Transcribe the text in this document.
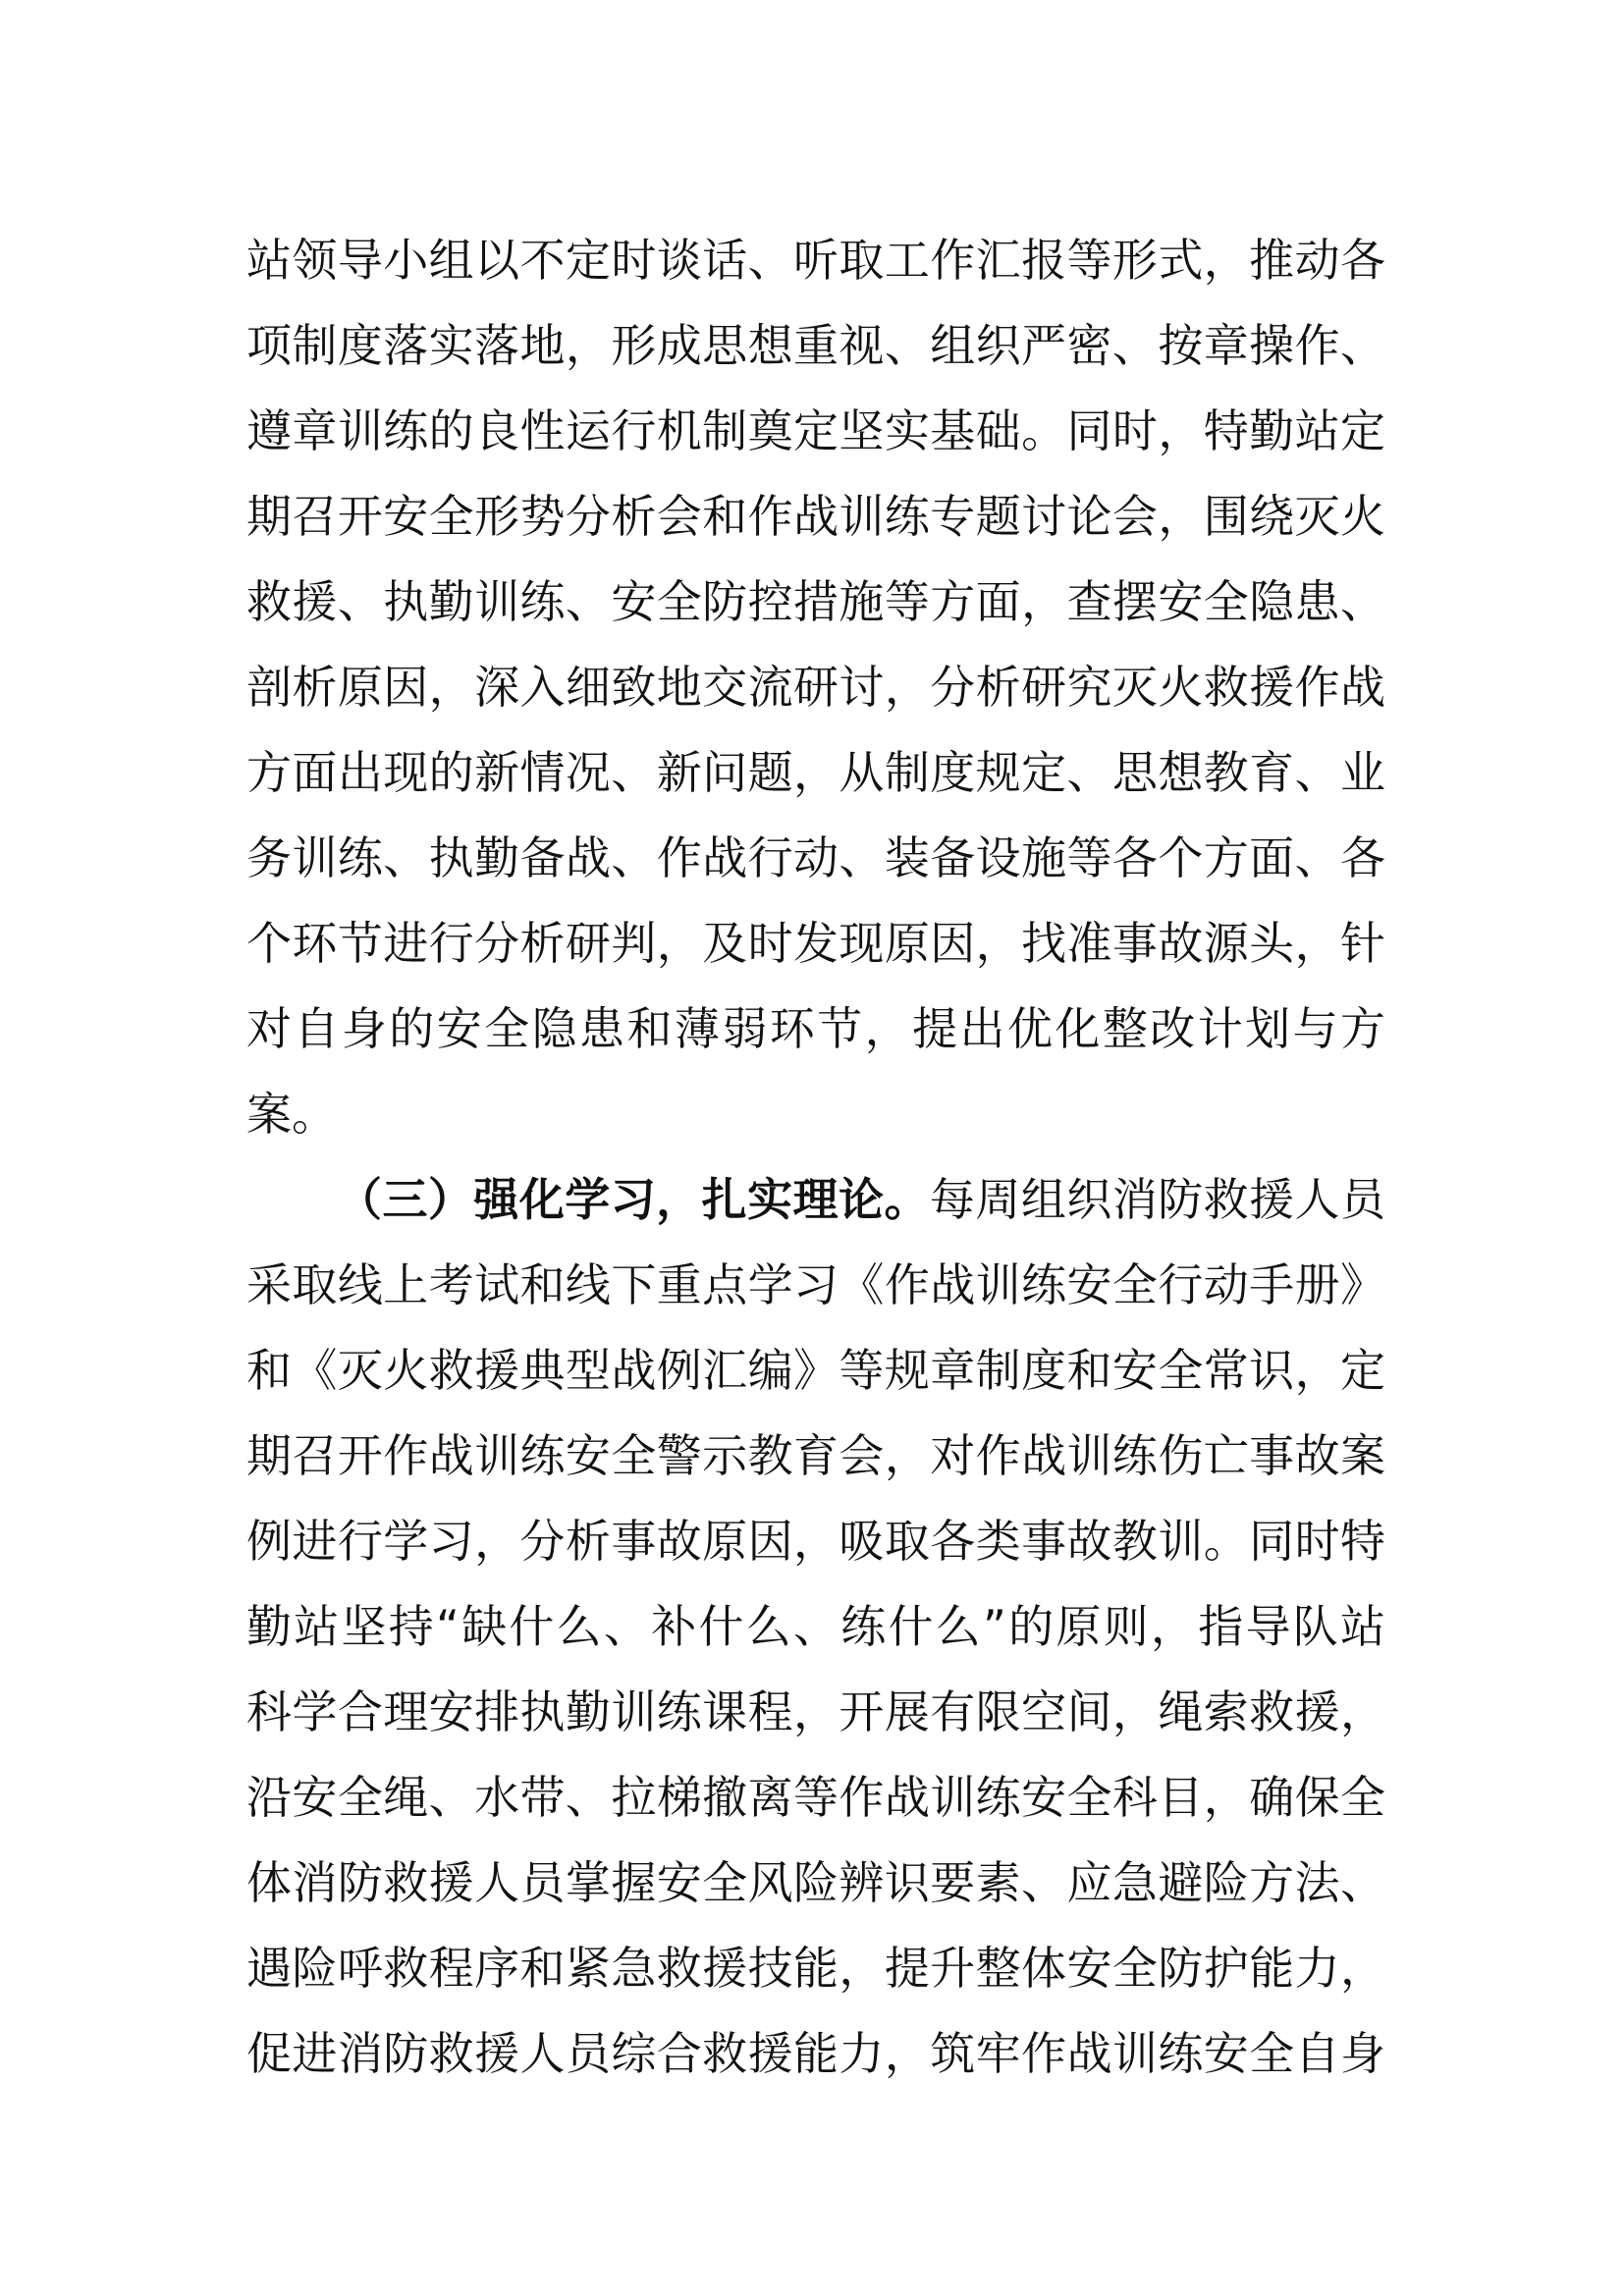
站领导小组以不定时谈话、听取工作汇报等形式，推动各
项制度落实落地，形成思想重视、组织严密、按章操作、
遵章训练的良性运行机制奠定坚实基础。同时，特勤站定
期召开安全形势分析会和作战训练专题讨论会，围绕灭火
救援、执勤训练、安全防控措施等方面，查摆安全隐患、
剖析原因，深入细致地交流研讨，分析研究灭火救援作战
方面出现的新情况、新问题，从制度规定、思想教育、业
务训练、执勤备战、作战行动、装备设施等各个方面、各
个环节进行分析研判，及时发现原因，找准事故源头，针
对自身的安全隐患和薄弱环节，提出优化整改计划与方
案。
（三）强化学习，扎实理论。每周组织消防救援人员
采取线上考试和线下重点学习《作战训练安全行动手册》
和《灭火救援典型战例汇编》等规章制度和安全常识，定
期召开作战训练安全警示教育会，对作战训练伤亡事故案
例进行学习，分析事故原因，吸取各类事故教训。同时特
勤站坚持“缺什么、补什么、练什么”的原则，指导队站
科学合理安排执勤训练课程，开展有限空间，绳索救援，
沿安全绳、水带、拉梯撤离等作战训练安全科目，确保全
体消防救援人员掌握安全风险辨识要素、应急避险方法、
遇险呼救程序和紧急救援技能，提升整体安全防护能力，
促进消防救援人员综合救援能力，筑牢作战训练安全自身
